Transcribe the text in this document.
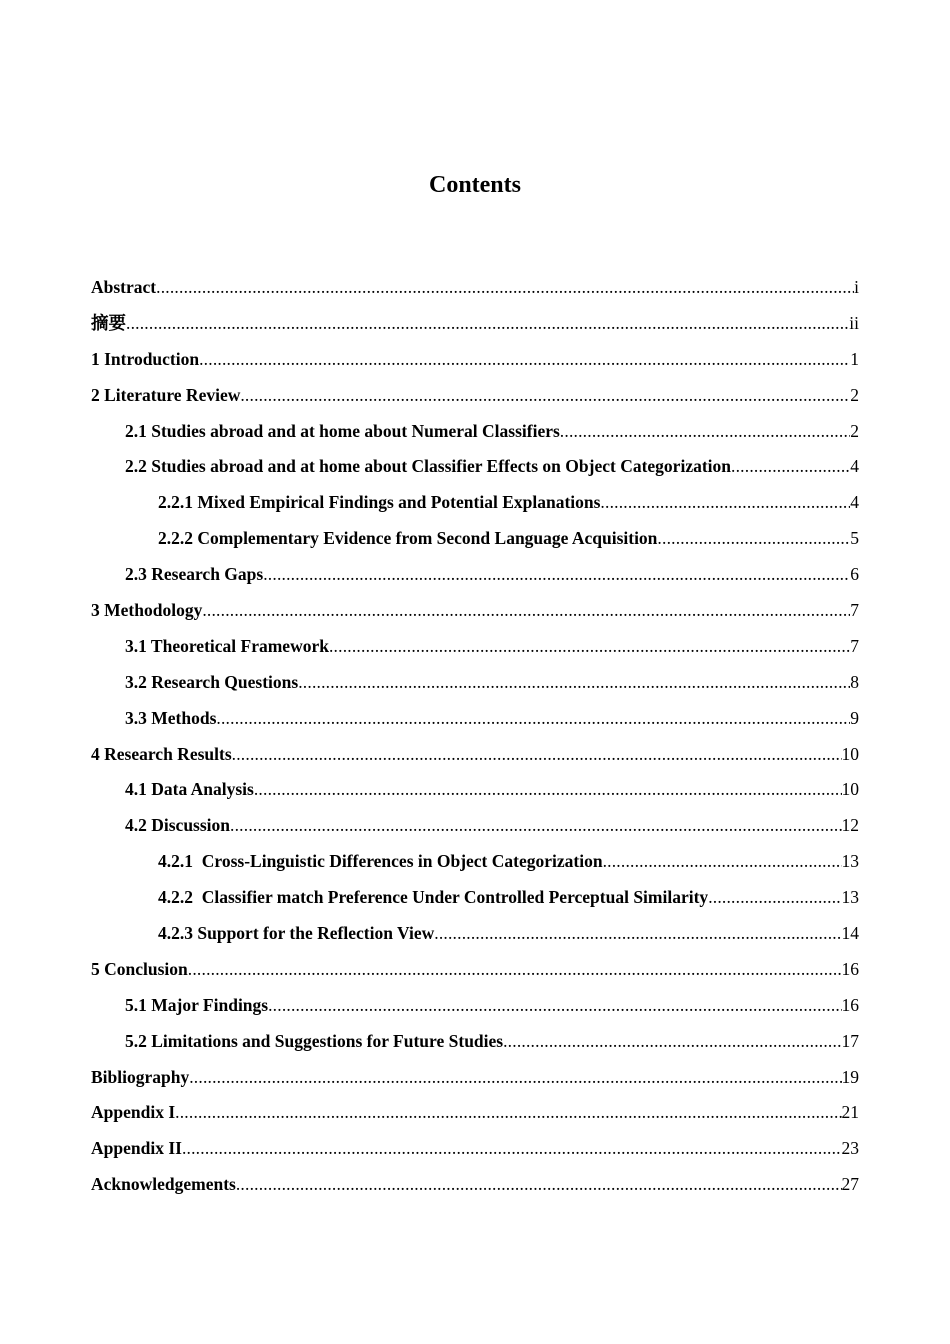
Contents
Abstract .....	i
摘要 .....	ii
1 Introduction .....	1
2 Literature Review .....	2
2.1 Studies abroad and at home about Numeral Classifiers .....	2
2.2 Studies abroad and at home about Classifier Effects on Object Categorization .....	4
2.2.1 Mixed Empirical Findings and Potential Explanations .....	4
2.2.2 Complementary Evidence from Second Language Acquisition .....	5
2.3 Research Gaps .....	6
3 Methodology .....	7
3.1 Theoretical Framework .....	7
3.2 Research Questions .....	8
3.3 Methods .....	9
4 Research Results .....	10
4.1 Data Analysis .....	10
4.2 Discussion .....	12
4.2.1  Cross-Linguistic Differences in Object Categorization .....	13
4.2.2  Classifier match Preference Under Controlled Perceptual Similarity .....	13
4.2.3 Support for the Reflection View .....	14
5 Conclusion .....	16
5.1 Major Findings .....	16
5.2 Limitations and Suggestions for Future Studies .....	17
Bibliography .....	19
Appendix I .....	21
Appendix II .....	23
Acknowledgements .....	27
